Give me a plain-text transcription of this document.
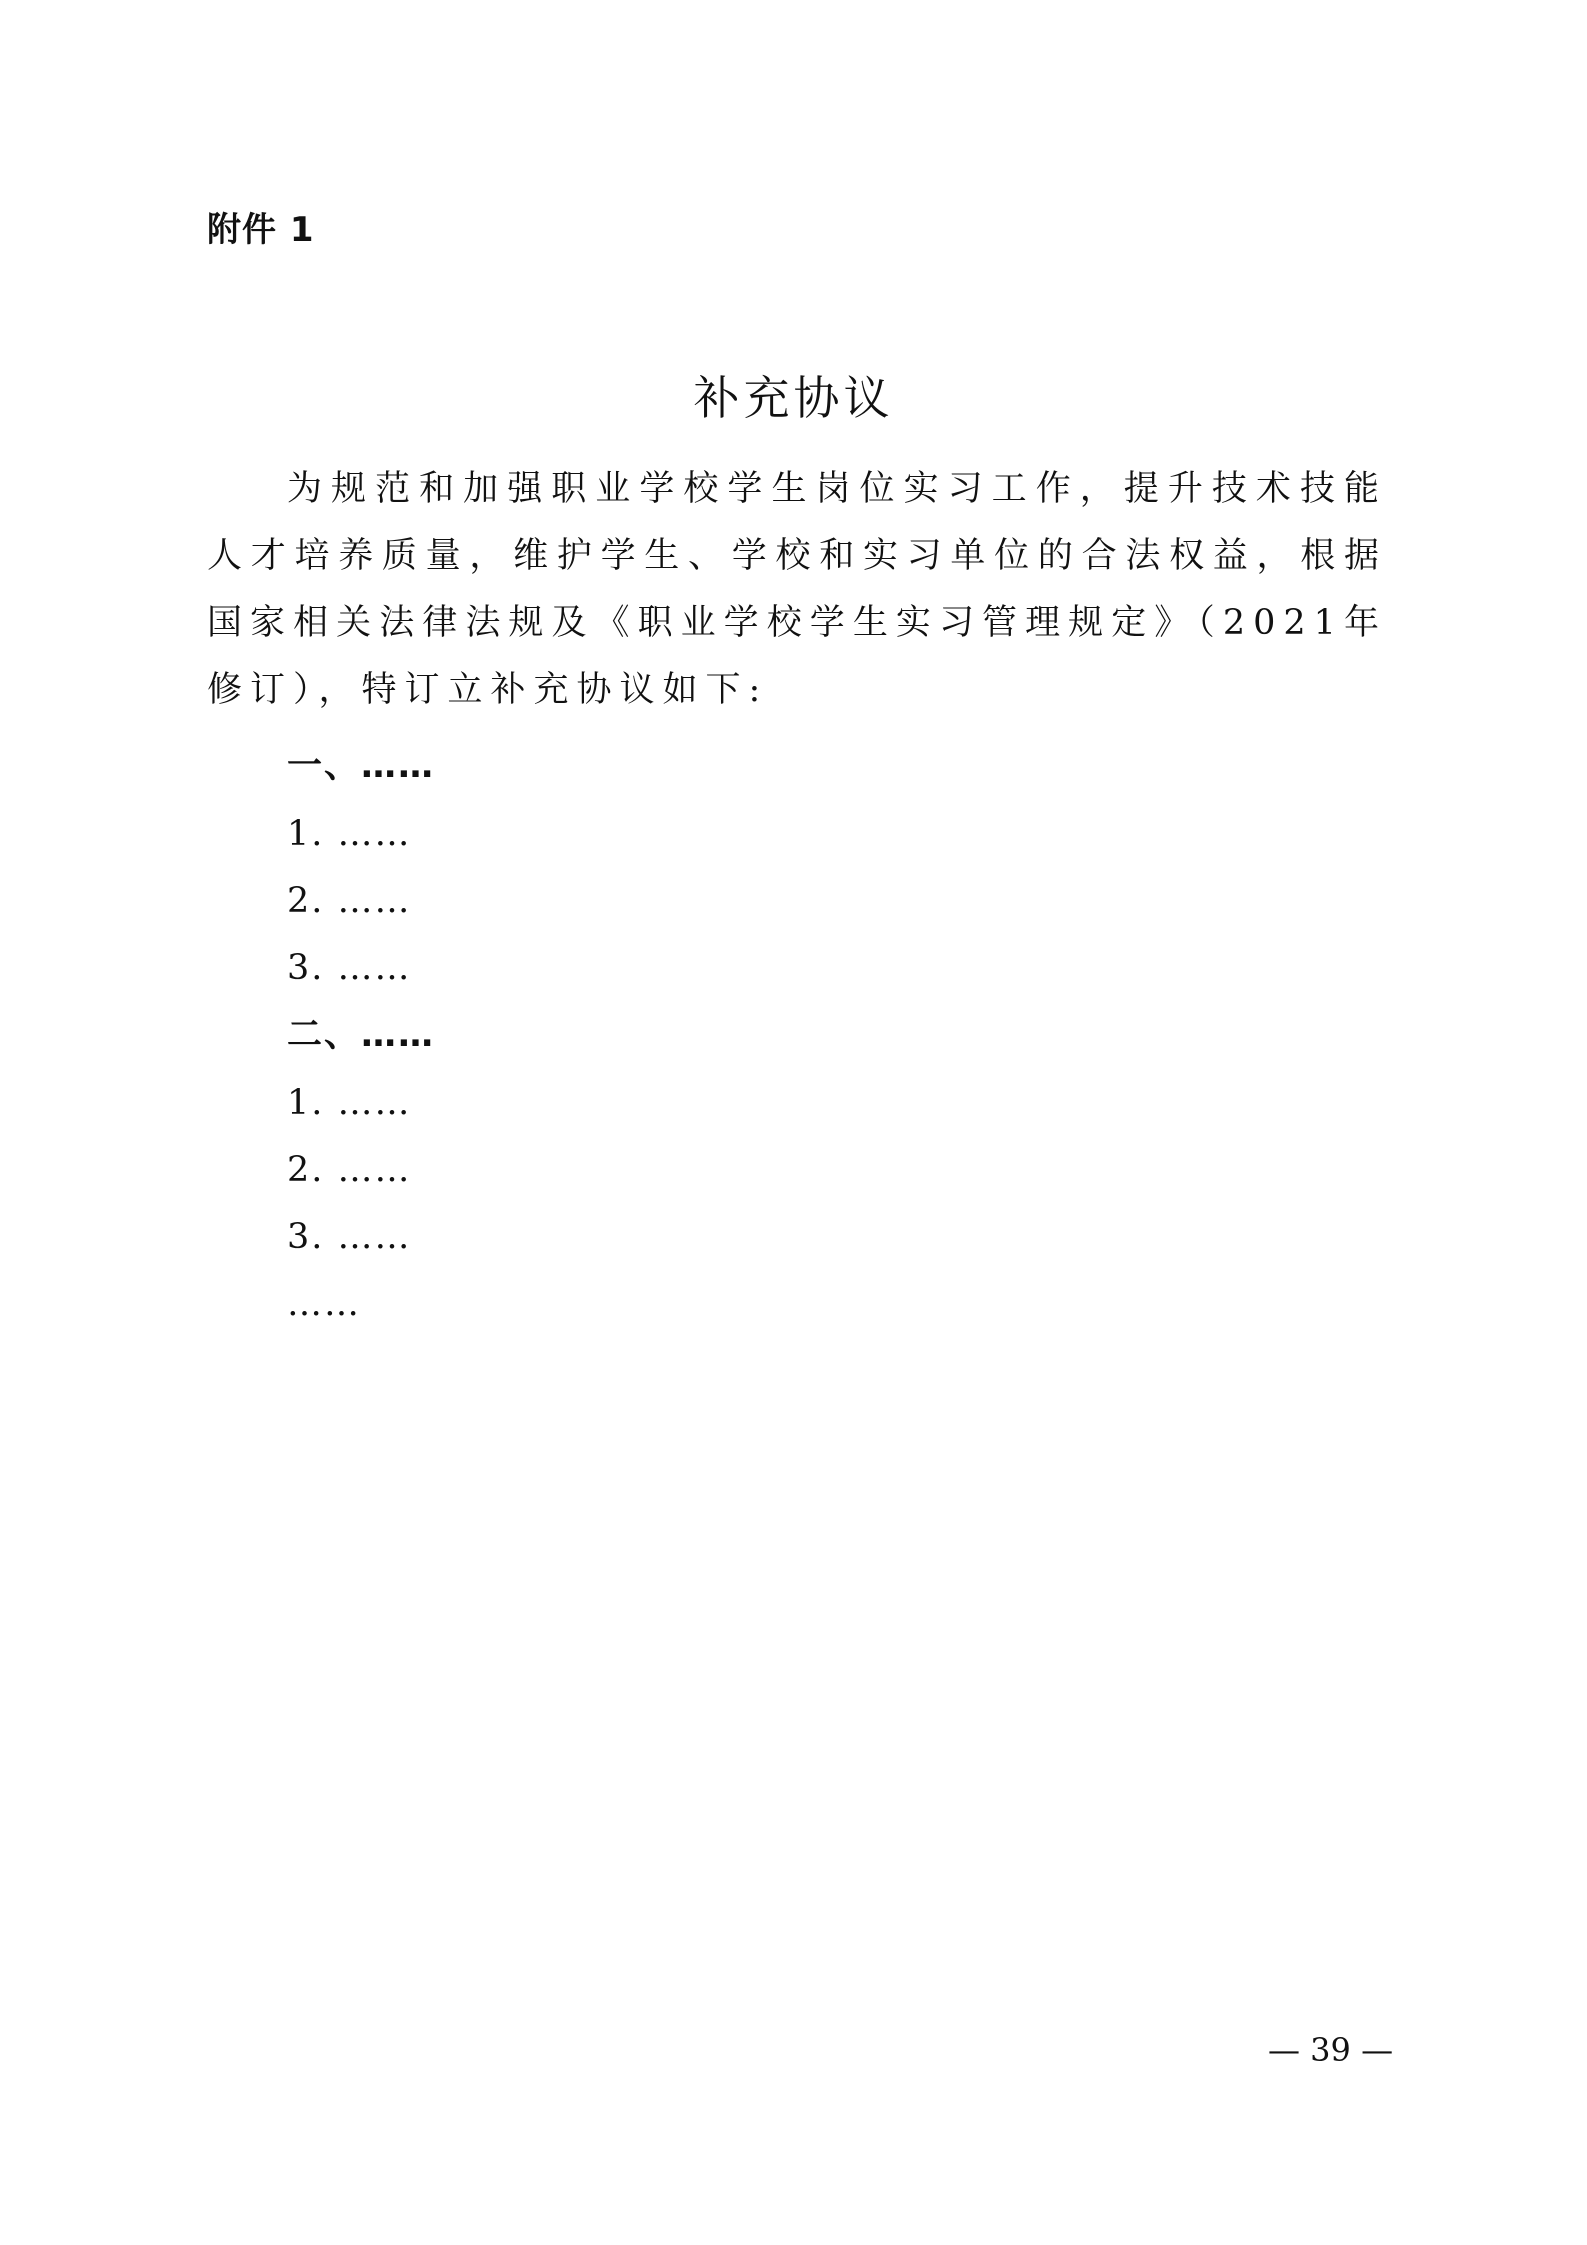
附件 1
补充协议

为规范和加强职业学校学生岗位实习工作，提升技术技能人才培养质量，维护学生、学校和实习单位的合法权益，根据国家相关法律法规及《职业学校学生实习管理规定》（2021年修订），特订立补充协议如下:

一、……
1. ……
2. ……
3. ……
二、……
1. ……
2. ……
3. ……
……
— 39 —
